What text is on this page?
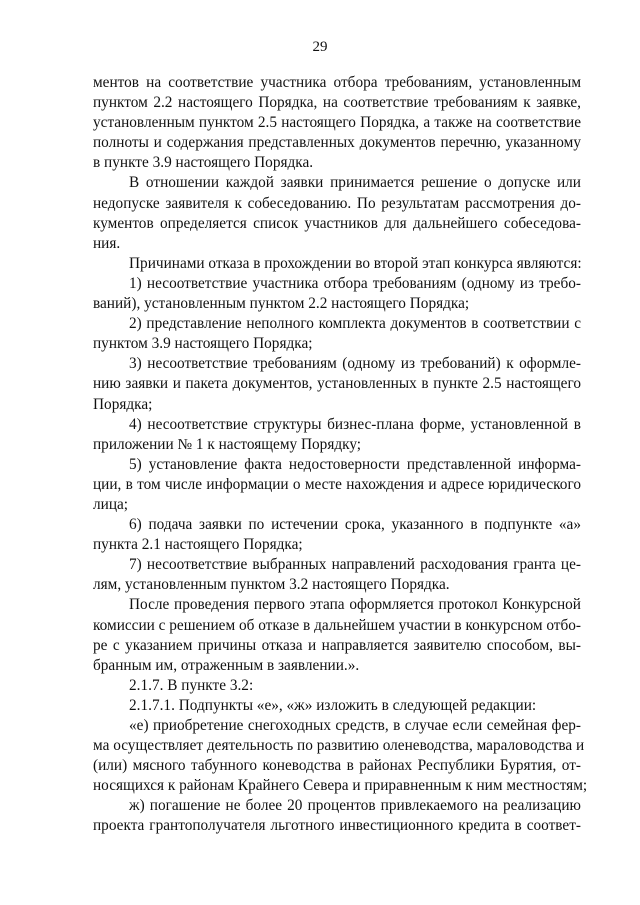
29
ментов на соответствие участника отбора требованиям, установленным
пунктом 2.2 настоящего Порядка, на соответствие требованиям к заявке,
установленным пунктом 2.5 настоящего Порядка, а также на соответствие
полноты и содержания представленных документов перечню, указанному
в пункте 3.9 настоящего Порядка.
В отношении каждой заявки принимается решение о допуске или
недопуске заявителя к собеседованию. По результатам рассмотрения до-
кументов определяется список участников для дальнейшего собеседова-
ния.
Причинами отказа в прохождении во второй этап конкурса являются:
1) несоответствие участника отбора требованиям (одному из требо-
ваний), установленным пунктом 2.2 настоящего Порядка;
2) представление неполного комплекта документов в соответствии с
пунктом 3.9 настоящего Порядка;
3) несоответствие требованиям (одному из требований) к оформле-
нию заявки и пакета документов, установленных в пункте 2.5 настоящего
Порядка;
4) несоответствие структуры бизнес-плана форме, установленной в
приложении № 1 к настоящему Порядку;
5) установление факта недостоверности представленной информа-
ции, в том числе информации о месте нахождения и адресе юридического
лица;
6) подача заявки по истечении срока, указанного в подпункте «а»
пункта 2.1 настоящего Порядка;
7) несоответствие выбранных направлений расходования гранта це-
лям, установленным пунктом 3.2 настоящего Порядка.
После проведения первого этапа оформляется протокол Конкурсной
комиссии с решением об отказе в дальнейшем участии в конкурсном отбо-
ре с указанием причины отказа и направляется заявителю способом, вы-
бранным им, отраженным в заявлении.».
2.1.7. В пункте 3.2:
2.1.7.1. Подпункты «е», «ж» изложить в следующей редакции:
«е) приобретение снегоходных средств, в случае если семейная фер-
ма осуществляет деятельность по развитию оленеводства, мараловодства и
(или) мясного табунного коневодства в районах Республики Бурятия, от-
носящихся к районам Крайнего Севера и приравненным к ним местностям;
ж) погашение не более 20 процентов привлекаемого на реализацию
проекта грантополучателя льготного инвестиционного кредита в соответ-
